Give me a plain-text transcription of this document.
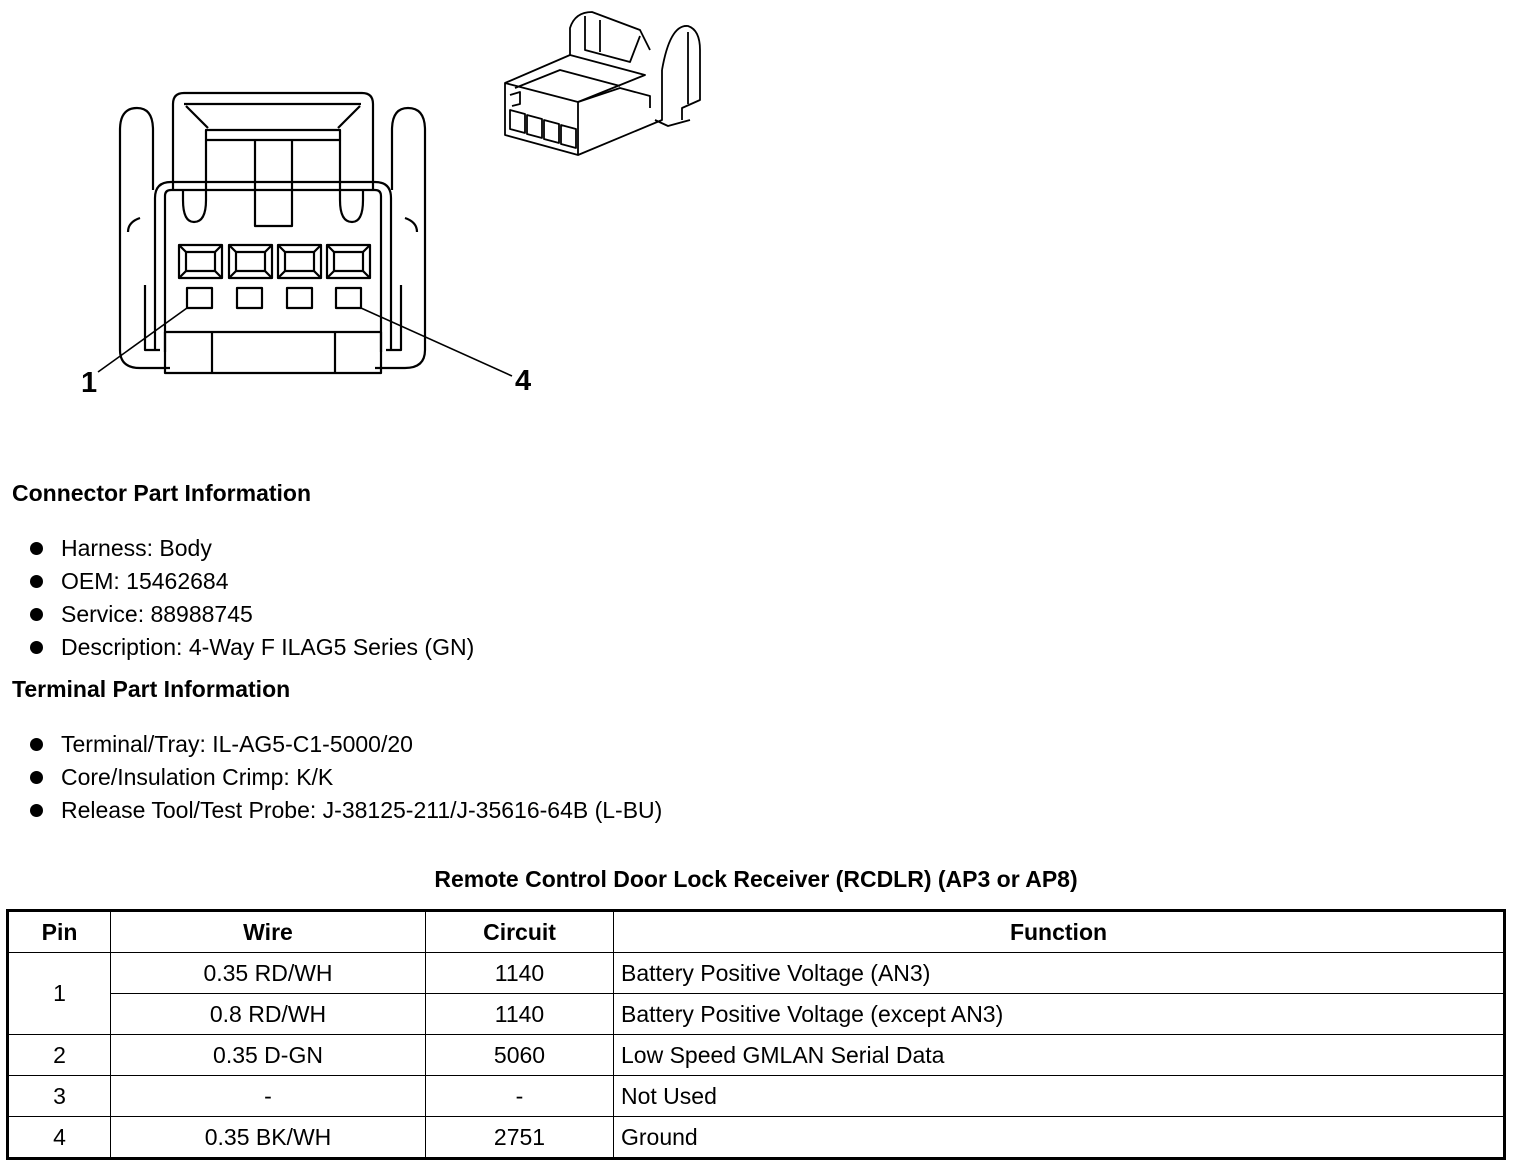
1	4
Connector Part Information
Harness: Body
OEM: 15462684
Service: 88988745
Description: 4-Way F ILAG5 Series (GN)
Terminal Part Information
Terminal/Tray: IL-AG5-C1-5000/20
Core/Insulation Crimp: K/K
Release Tool/Test Probe: J-38125-211/J-35616-64B (L-BU)
Remote Control Door Lock Receiver (RCDLR) (AP3 or AP8)
Pin	Wire	Circuit	Function
1	0.35 RD/WH	1140	Battery Positive Voltage (AN3)
	0.8 RD/WH	1140	Battery Positive Voltage (except AN3)
2	0.35 D-GN	5060	Low Speed GMLAN Serial Data
3	-	-	Not Used
4	0.35 BK/WH	2751	Ground
